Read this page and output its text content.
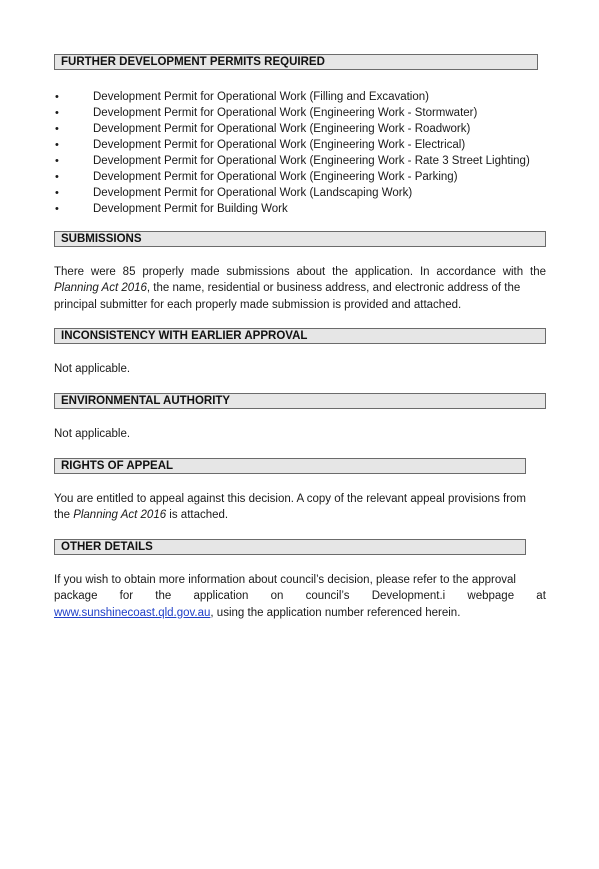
FURTHER DEVELOPMENT PERMITS REQUIRED
•	Development Permit for Operational Work (Filling and Excavation)
•	Development Permit for Operational Work (Engineering Work - Stormwater)
•	Development Permit for Operational Work (Engineering Work - Roadwork)
•	Development Permit for Operational Work (Engineering Work - Electrical)
•	Development Permit for Operational Work (Engineering Work - Rate 3 Street Lighting)
•	Development Permit for Operational Work (Engineering Work - Parking)
•	Development Permit for Operational Work (Landscaping Work)
•	Development Permit for Building Work
SUBMISSIONS
There were 85 properly made submissions about the application. In accordance with the
Planning Act 2016, the name, residential or business address, and electronic address of the
principal submitter for each properly made submission is provided and attached.
INCONSISTENCY WITH EARLIER APPROVAL
Not applicable.
ENVIRONMENTAL AUTHORITY
Not applicable.
RIGHTS OF APPEAL
You are entitled to appeal against this decision. A copy of the relevant appeal provisions from
the Planning Act 2016 is attached.
OTHER DETAILS
If you wish to obtain more information about council’s decision, please refer to the approval
package for the application on council’s Development.i webpage at
www.sunshinecoast.qld.gov.au, using the application number referenced herein.
